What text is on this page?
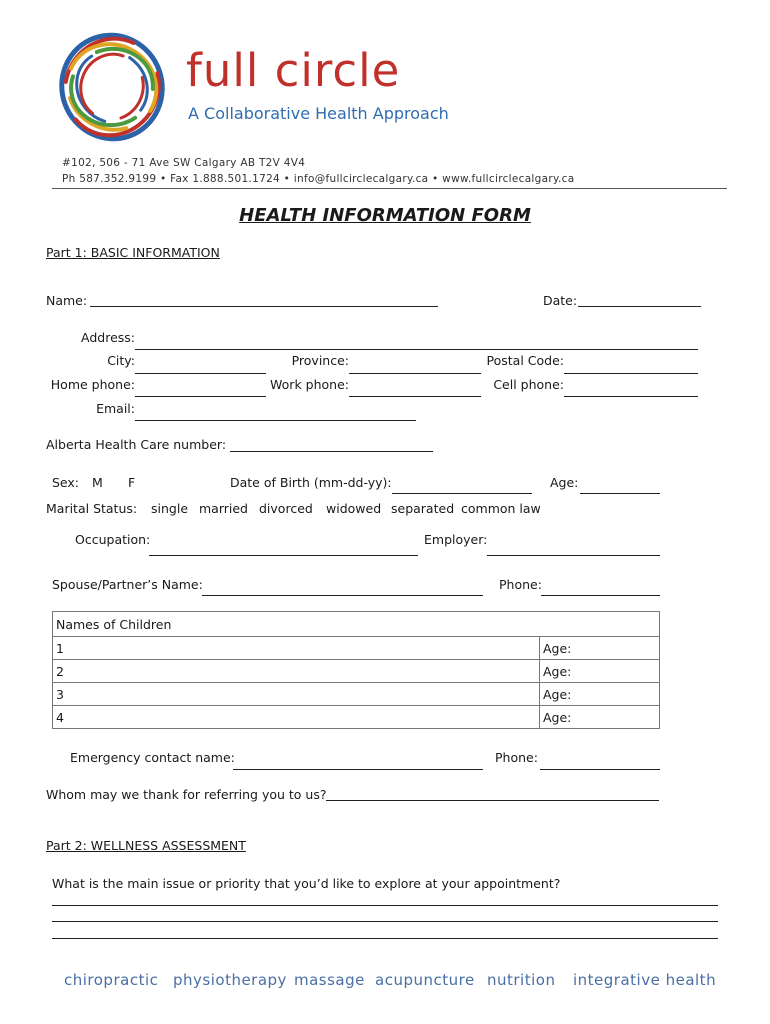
full circle
A Collaborative Health Approach
#102, 506 - 71 Ave SW Calgary AB T2V 4V4
Ph 587.352.9199 • Fax 1.888.501.1724 • info@fullcirclecalgary.ca • www.fullcirclecalgary.ca
HEALTH INFORMATION FORM
Part 1: BASIC INFORMATION
Name:	Date:
Address:
City:	Province:	Postal Code:
Home phone:	Work phone:	Cell phone:
Email:
Alberta Health Care number:
Sex: M F	Date of Birth (mm-dd-yy):	Age:
Marital Status: single married divorced widowed separated common law
Occupation:	Employer:
Spouse/Partner’s Name:	Phone:
Names of Children	
1	Age:
2	Age:
3	Age:
4	Age:
Emergency contact name:	Phone:
Whom may we thank for referring you to us?
Part 2: WELLNESS ASSESSMENT
What is the main issue or priority that you’d like to explore at your appointment?
chiropractic physiotherapy massage acupuncture nutrition integrative health
